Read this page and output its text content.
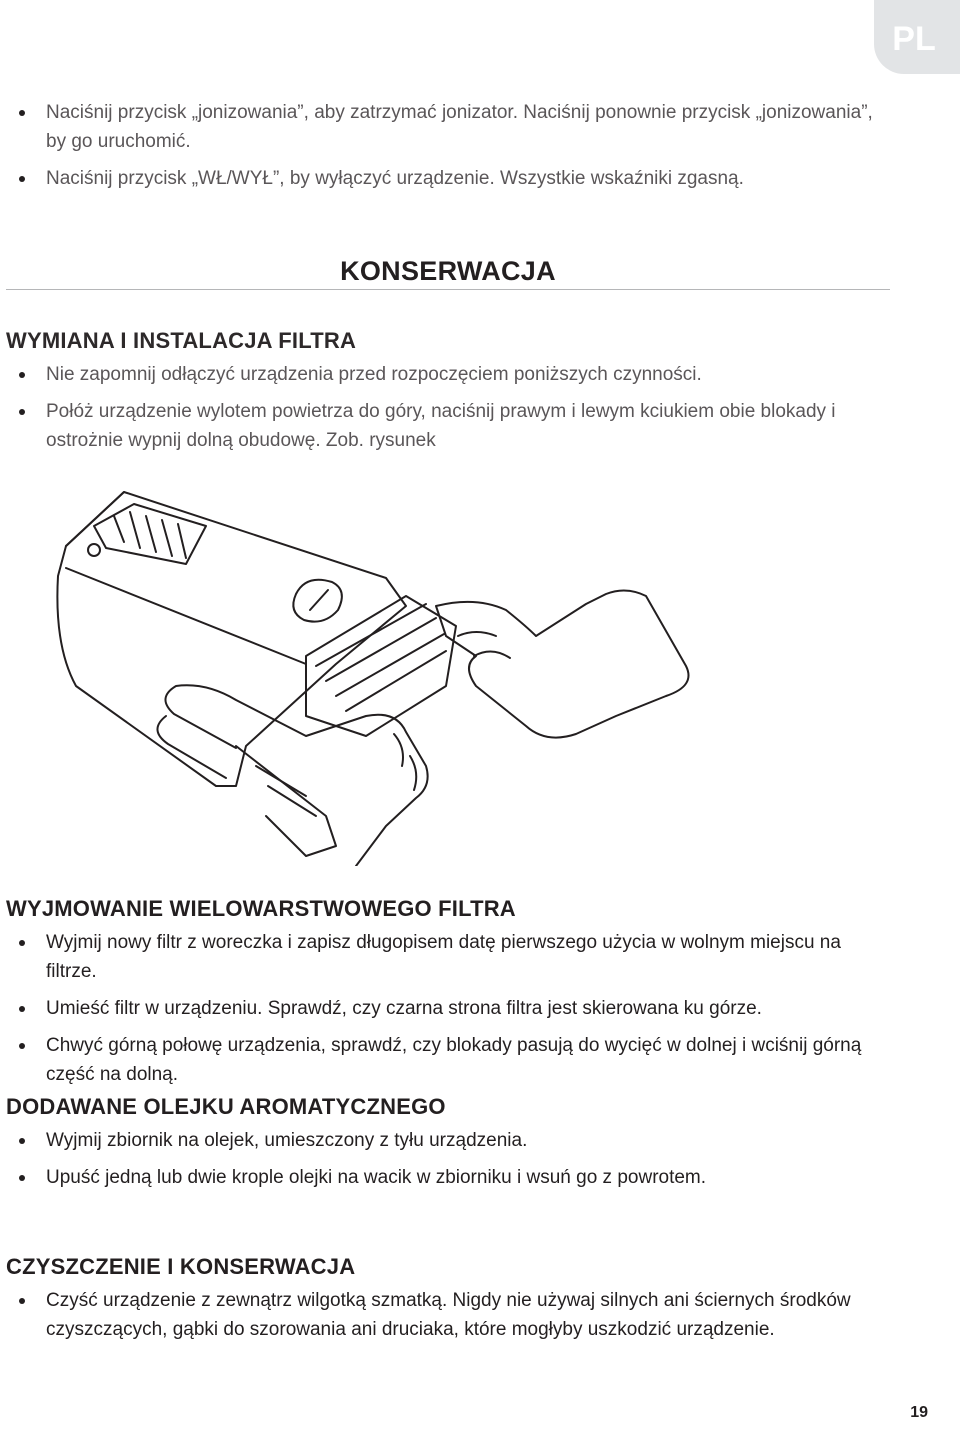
PL
Naciśnij przycisk „jonizowania”, aby zatrzymać jonizator. Naciśnij ponownie przycisk „jonizowania”, by go uruchomić.
Naciśnij przycisk „WŁ/WYŁ”, by wyłączyć urządzenie. Wszystkie wskaźniki zgasną.
KONSERWACJA
WYMIANA I INSTALACJA FILTRA
Nie zapomnij odłączyć urządzenia przed rozpoczęciem poniższych czynności.
Połóż urządzenie wylotem powietrza do góry, naciśnij prawym i lewym kciukiem obie blokady i ostrożnie wypnij dolną obudowę. Zob. rysunek
WYJMOWANIE WIELOWARSTWOWEGO FILTRA
Wyjmij nowy filtr z woreczka i zapisz długopisem datę pierwszego użycia w wolnym miejscu na filtrze.
Umieść filtr w urządzeniu. Sprawdź, czy czarna strona filtra jest skierowana ku górze.
Chwyć górną połowę urządzenia, sprawdź, czy blokady pasują do wycięć w dolnej i wciśnij górną część na dolną.
DODAWANE OLEJKU AROMATYCZNEGO
Wyjmij zbiornik na olejek, umieszczony z tyłu urządzenia.
Upuść jedną lub dwie krople olejki na wacik w zbiorniku i wsuń go z powrotem.
CZYSZCZENIE I KONSERWACJA
Czyść urządzenie z zewnątrz wilgotką szmatką. Nigdy nie używaj silnych ani ściernych środków czyszczących, gąbki do szorowania ani druciaka, które mogłyby uszkodzić urządzenie.
19
